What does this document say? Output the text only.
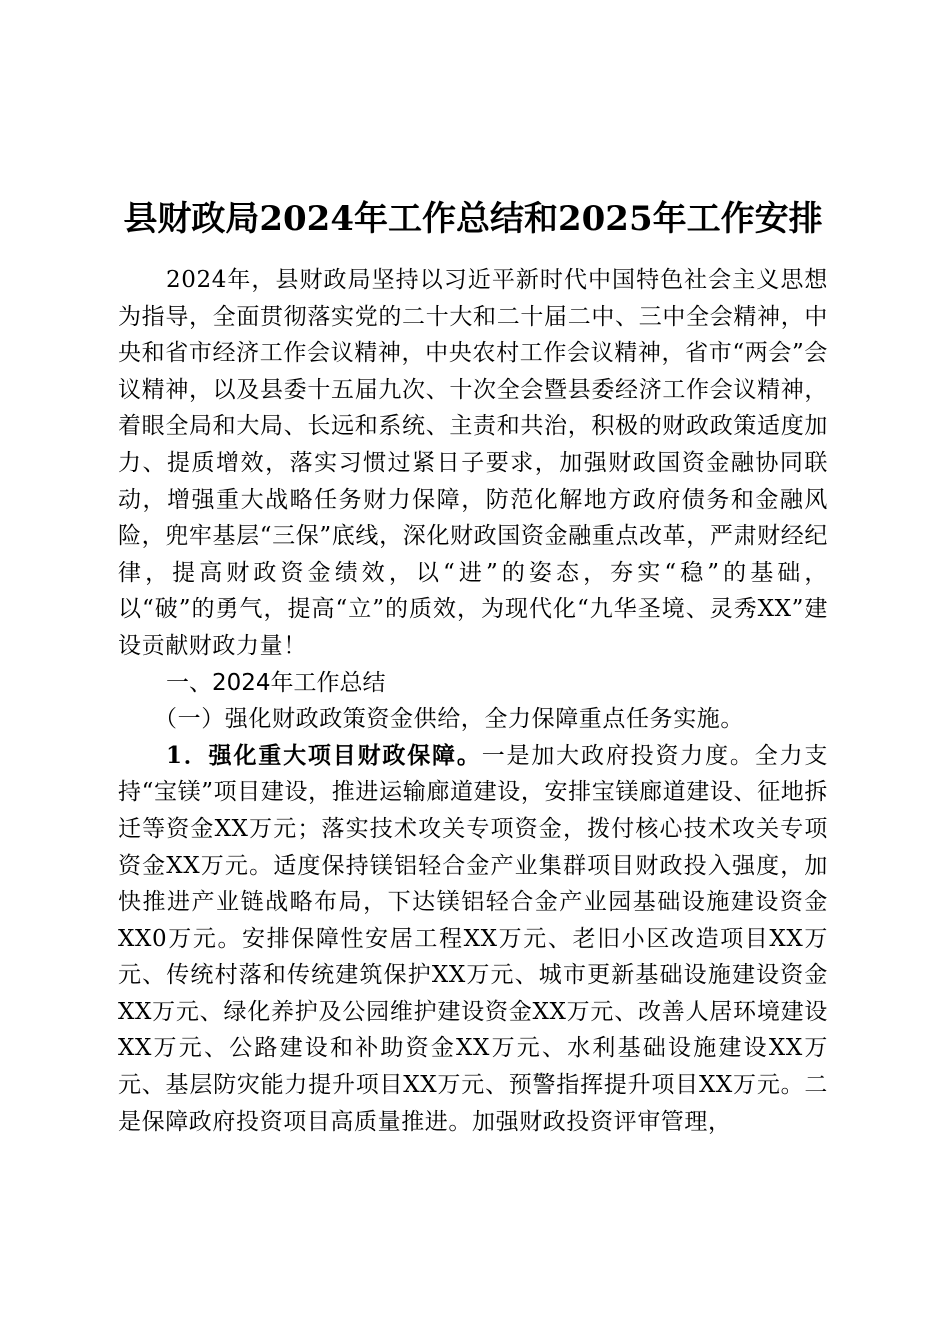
县财政局2024年工作总结和2025年工作安排

2024年，县财政局坚持以习近平新时代中国特色社会主义思想为指导，全面贯彻落实党的二十大和二十届二中、三中全会精神，中央和省市经济工作会议精神，中央农村工作会议精神，省市“两会”会议精神，以及县委十五届九次、十次全会暨县委经济工作会议精神，着眼全局和大局、长远和系统、主责和共治，积极的财政政策适度加力、提质增效，落实习惯过紧日子要求，加强财政国资金融协同联动，增强重大战略任务财力保障，防范化解地方政府债务和金融风险，兜牢基层“三保”底线，深化财政国资金融重点改革，严肃财经纪律，提高财政资金绩效，以“进”的姿态，夯实“稳”的基础，以“破”的勇气，提高“立”的质效，为现代化“九华圣境、灵秀XX”建设贡献财政力量！

一、2024年工作总结

（一）强化财政政策资金供给，全力保障重点任务实施。

1．强化重大项目财政保障。一是加大政府投资力度。全力支持“宝镁”项目建设，推进运输廊道建设，安排宝镁廊道建设、征地拆迁等资金XX万元；落实技术攻关专项资金，拨付核心技术攻关专项资金XX万元。适度保持镁铝轻合金产业集群项目财政投入强度，加快推进产业链战略布局，下达镁铝轻合金产业园基础设施建设资金XX0万元。安排保障性安居工程XX万元、老旧小区改造项目XX万元、传统村落和传统建筑保护XX万元、城市更新基础设施建设资金XX万元、绿化养护及公园维护建设资金XX万元、改善人居环境建设XX万元、公路建设和补助资金XX万元、水利基础设施建设XX万元、基层防灾能力提升项目XX万元、预警指挥提升项目XX万元。二是保障政府投资项目高质量推进。加强财政投资评审管理，
